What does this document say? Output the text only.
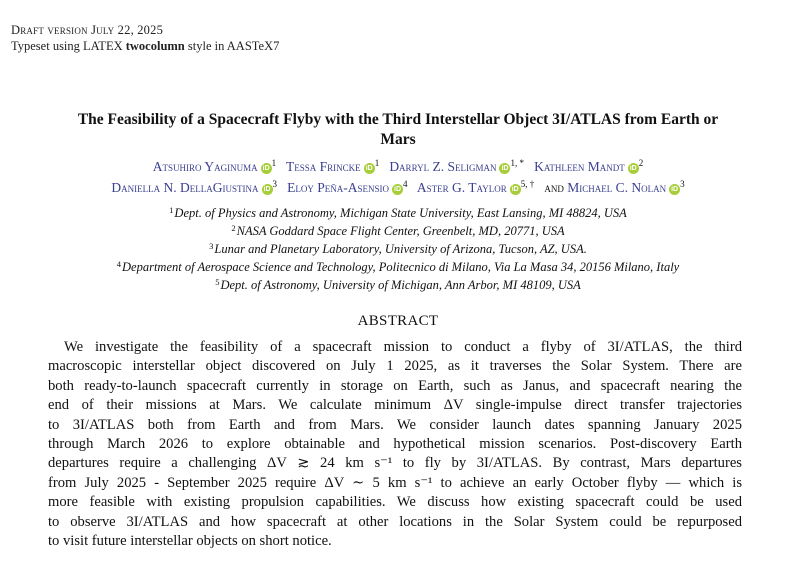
Draft version July 22, 2025
Typeset using LATEX twocolumn style in AASTeX7
The Feasibility of a Spacecraft Flyby with the Third Interstellar Object 3I/ATLAS from Earth or
Mars
Atsuhiro Yaginuma $iD^1$ Tessa Frincke $iD^1$ Darryl Z. Seligman $iD^{1, *}$ Kathleen Mandt $iD^2$
Daniella N. DellaGiustina $iD^3$ Eloy Peña-Asensio $iD^4$ Aster G. Taylor $iD^{5, \dagger}$ and Michael C. Nolan $iD^3$
$^1$Dept. of Physics and Astronomy, Michigan State University, East Lansing, MI 48824, USA
$^2$NASA Goddard Space Flight Center, Greenbelt, MD, 20771, USA
$^3$Lunar and Planetary Laboratory, University of Arizona, Tucson, AZ, USA.
$^4$Department of Aerospace Science and Technology, Politecnico di Milano, Via La Masa 34, 20156 Milano, Italy
$^5$Dept. of Astronomy, University of Michigan, Ann Arbor, MI 48109, USA
ABSTRACT
We investigate the feasibility of a spacecraft mission to conduct a flyby of 3I/ATLAS, the third
macroscopic interstellar object discovered on July 1 2025, as it traverses the Solar System. There are
both ready-to-launch spacecraft currently in storage on Earth, such as Janus, and spacecraft nearing the
end of their missions at Mars. We calculate minimum ΔV single-impulse direct transfer trajectories
to 3I/ATLAS both from Earth and from Mars. We consider launch dates spanning January 2025
through March 2026 to explore obtainable and hypothetical mission scenarios. Post-discovery Earth
departures require a challenging ΔV ≳ 24 km s⁻¹ to fly by 3I/ATLAS. By contrast, Mars departures
from July 2025 - September 2025 require ΔV ∼ 5 km s⁻¹ to achieve an early October flyby — which is
more feasible with existing propulsion capabilities. We discuss how existing spacecraft could be used
to observe 3I/ATLAS and how spacecraft at other locations in the Solar System could be repurposed
to visit future interstellar objects on short notice.
